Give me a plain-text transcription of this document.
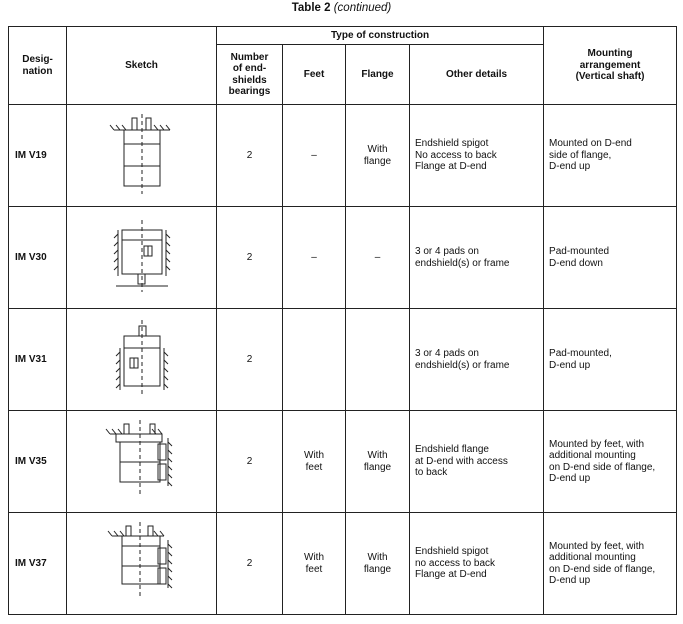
Table 2 (continued)
Desig-
nation	Sketch	Type of construction				Mounting
arrangement
(Vertical shaft)
		Number
of end-
shields
bearings	Feet	Flange	Other details	
IM V19		2	–	With
flange	Endshield spigot
No access to back
Flange at D-end	Mounted on D-end
side of flange,
D-end up
IM V30		2	–	–	3 or 4 pads on
endshield(s) or frame	Pad-mounted
D-end down
IM V31		2			3 or 4 pads on
endshield(s) or frame	Pad-mounted,
D-end up
IM V35		2	With
feet	With
flange	Endshield flange
at D-end with access
to back	Mounted by feet, with
additional mounting
on D-end side of flange,
D-end up
IM V37		2	With
feet	With
flange	Endshield spigot
no access to back
Flange at D-end	Mounted by feet, with
additional mounting
on D-end side of flange,
D-end up
